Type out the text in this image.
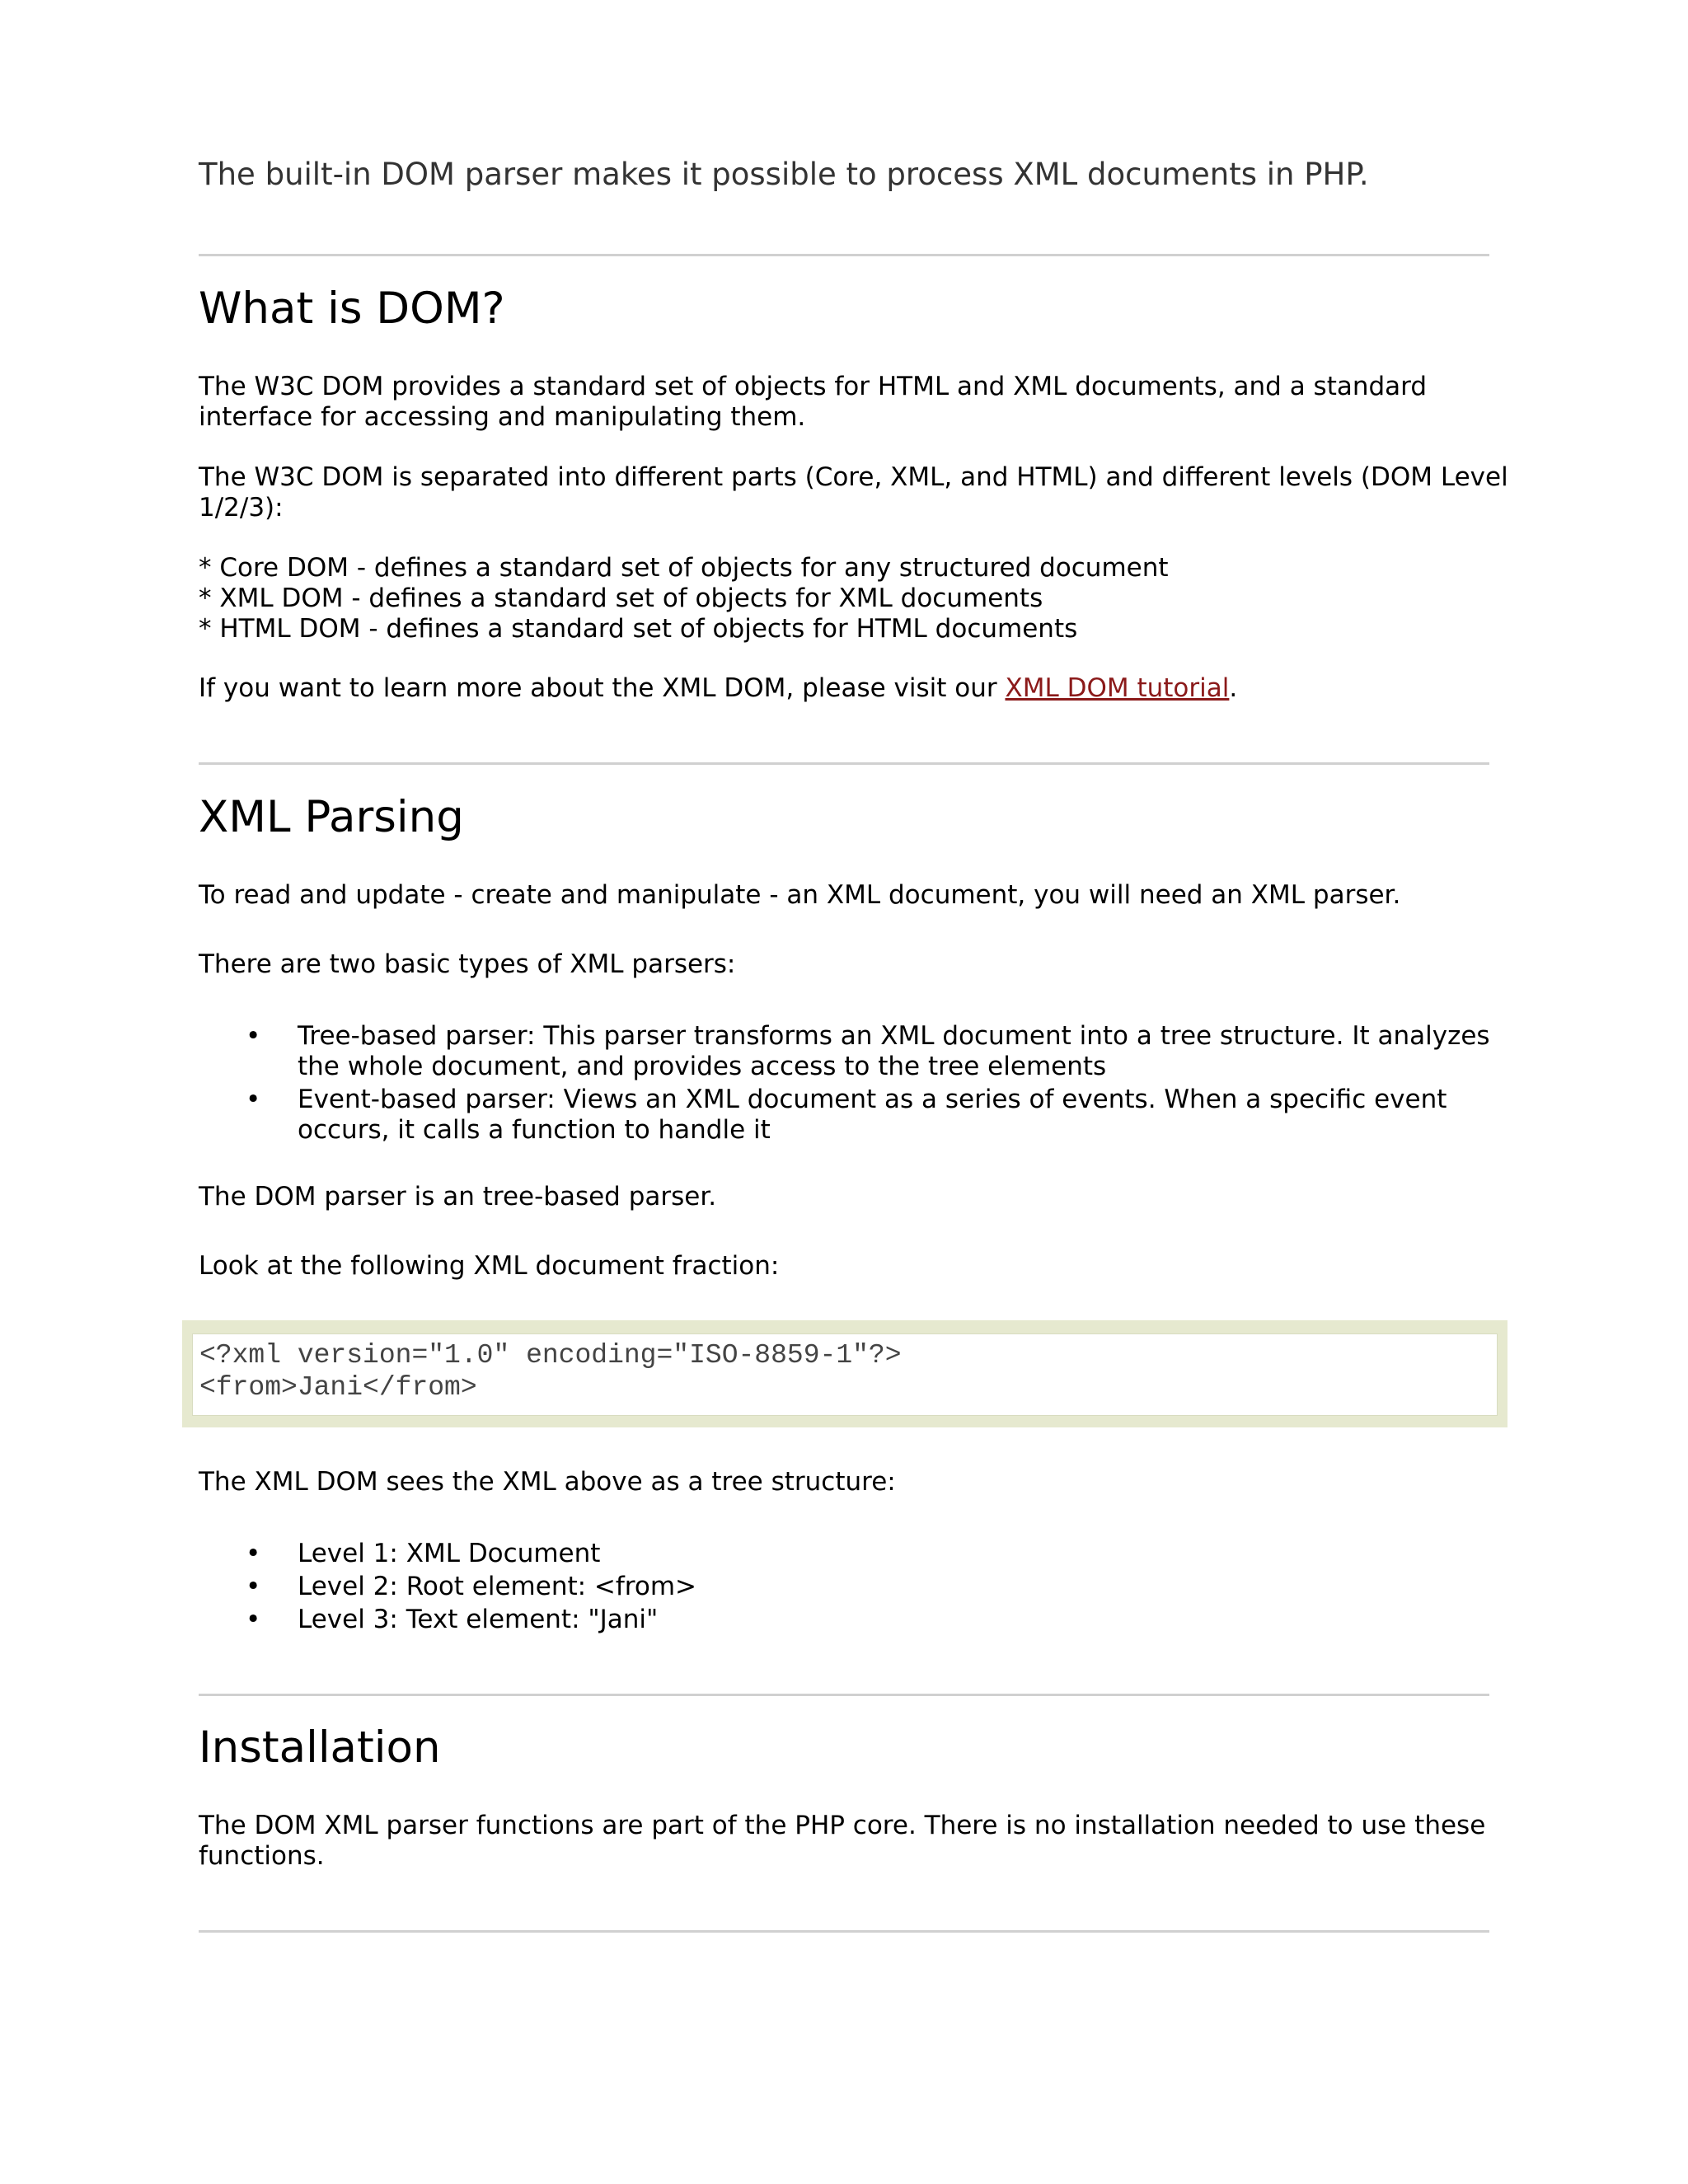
The built-in DOM parser makes it possible to process XML documents in PHP.

What is DOM?
The W3C DOM provides a standard set of objects for HTML and XML documents, and a standard
interface for accessing and manipulating them.
The W3C DOM is separated into different parts (Core, XML, and HTML) and different levels (DOM Level
1/2/3):
* Core DOM - defines a standard set of objects for any structured document
* XML DOM - defines a standard set of objects for XML documents
* HTML DOM - defines a standard set of objects for HTML documents
If you want to learn more about the XML DOM, please visit our XML DOM tutorial.
XML Parsing

To read and update - create and manipulate - an XML document, you will need an XML parser.

There are two basic types of XML parsers:

• Tree-based parser: This parser transforms an XML document into a tree structure. It analyzes
the whole document, and provides access to the tree elements
• Event-based parser: Views an XML document as a series of events. When a specific event
occurs, it calls a function to handle it

The DOM parser is an tree-based parser.

Look at the following XML document fraction:

<?xml version="1.0" encoding="ISO-8859-1"?>
<from>Jani</from>

The XML DOM sees the XML above as a tree structure:

• Level 1: XML Document
• Level 2: Root element: <from>
• Level 3: Text element: "Jani"
Installation
The DOM XML parser functions are part of the PHP core. There is no installation needed to use these
functions.
